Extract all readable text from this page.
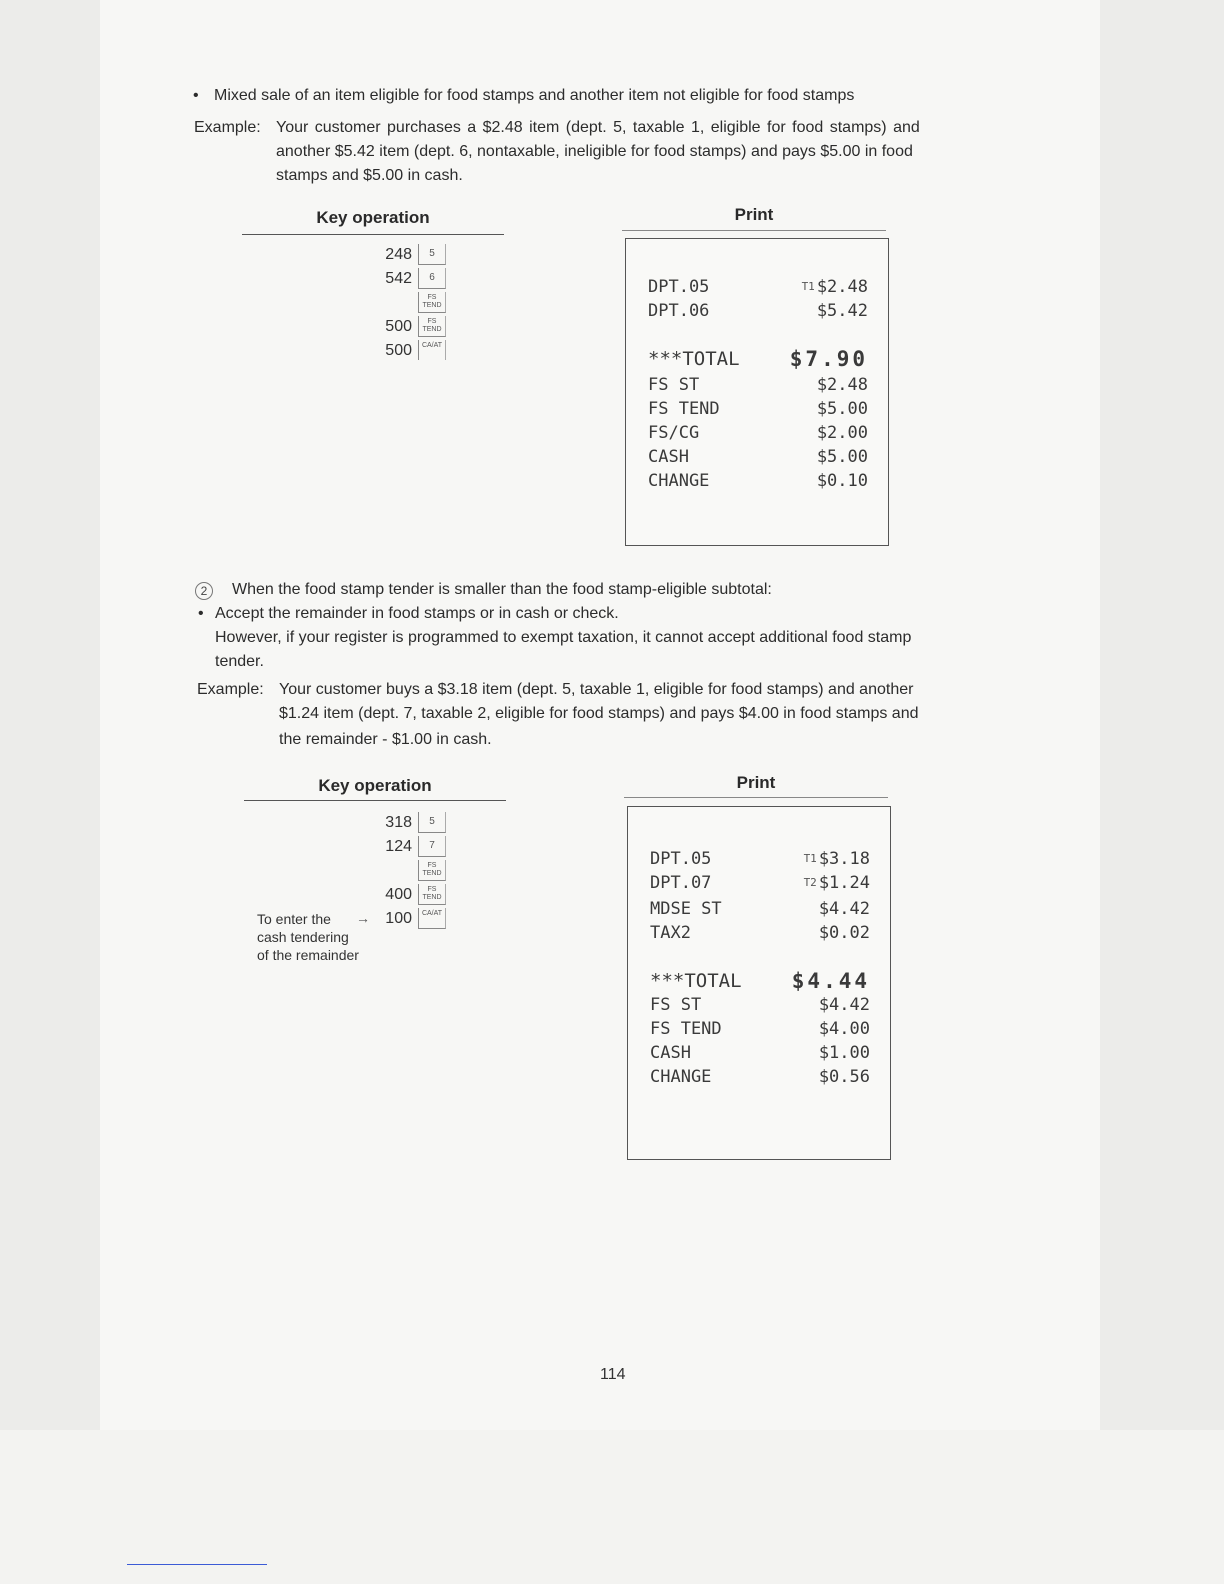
• Mixed sale of an item eligible for food stamps and another item not eligible for food stamps
Example: Your customer purchases a $2.48 item (dept. 5, taxable 1, eligible for food stamps) and
another $5.42 item (dept. 6, nontaxable, ineligible for food stamps) and pays $5.00 in food
stamps and $5.00 in cash.
Key operation	Print
248	5
542	6
FS TEND
500	FS TEND
500	CA/AT
DPT.05	T1 $2.48
DPT.06	$5.42
***TOTAL $7.90
FS ST	$2.48
FS TEND	$5.00
FS/CG	$2.00
CASH	$5.00
CHANGE	$0.10
2	When the food stamp tender is smaller than the food stamp-eligible subtotal:
• Accept the remainder in food stamps or in cash or check.
However, if your register is programmed to exempt taxation, it cannot accept additional food stamp
tender.
Example: Your customer buys a $3.18 item (dept. 5, taxable 1, eligible for food stamps) and another
$1.24 item (dept. 7, taxable 2, eligible for food stamps) and pays $4.00 in food stamps and
the remainder - $1.00 in cash.
Key operation	Print
318	5
124	7
FS TEND
400	FS TEND
100	CA/AT
To enter the	→
cash tendering
of the remainder
DPT.05	T1 $3.18
DPT.07	T2 $1.24
MDSE ST	$4.42
TAX2	$0.02
***TOTAL $4.44
FS ST	$4.42
FS TEND	$4.00
CASH	$1.00
CHANGE	$0.56
114
